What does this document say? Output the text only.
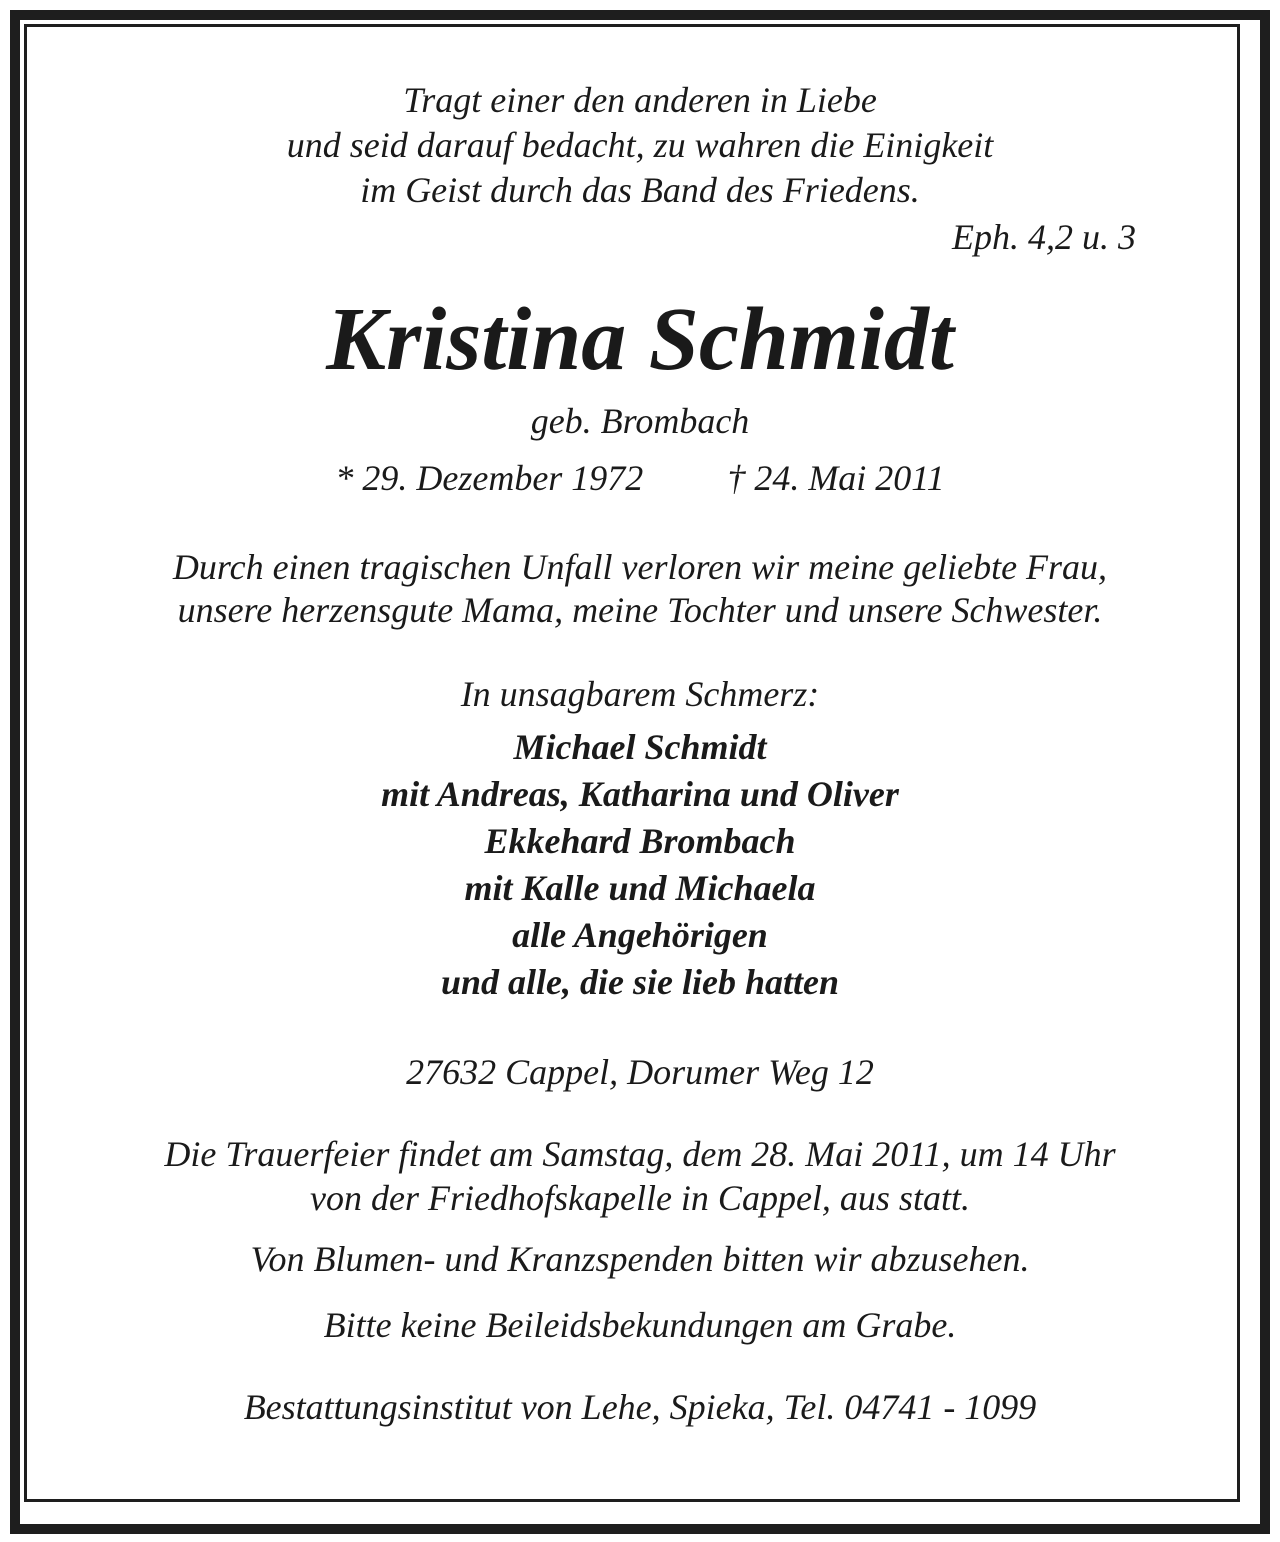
Tragt einer den anderen in Liebe
und seid darauf bedacht, zu wahren die Einigkeit
im Geist durch das Band des Friedens.
Eph. 4,2 u. 3
Kristina Schmidt
geb. Brombach
* 29. Dezember 1972 † 24. Mai 2011
Durch einen tragischen Unfall verloren wir meine geliebte Frau,
unsere herzensgute Mama, meine Tochter und unsere Schwester.
In unsagbarem Schmerz:
Michael Schmidt
mit Andreas, Katharina und Oliver
Ekkehard Brombach
mit Kalle und Michaela
alle Angehörigen
und alle, die sie lieb hatten
27632 Cappel, Dorumer Weg 12
Die Trauerfeier findet am Samstag, dem 28. Mai 2011, um 14 Uhr
von der Friedhofskapelle in Cappel, aus statt.
Von Blumen- und Kranzspenden bitten wir abzusehen.
Bitte keine Beileidsbekundungen am Grabe.
Bestattungsinstitut von Lehe, Spieka, Tel. 04741 - 1099
